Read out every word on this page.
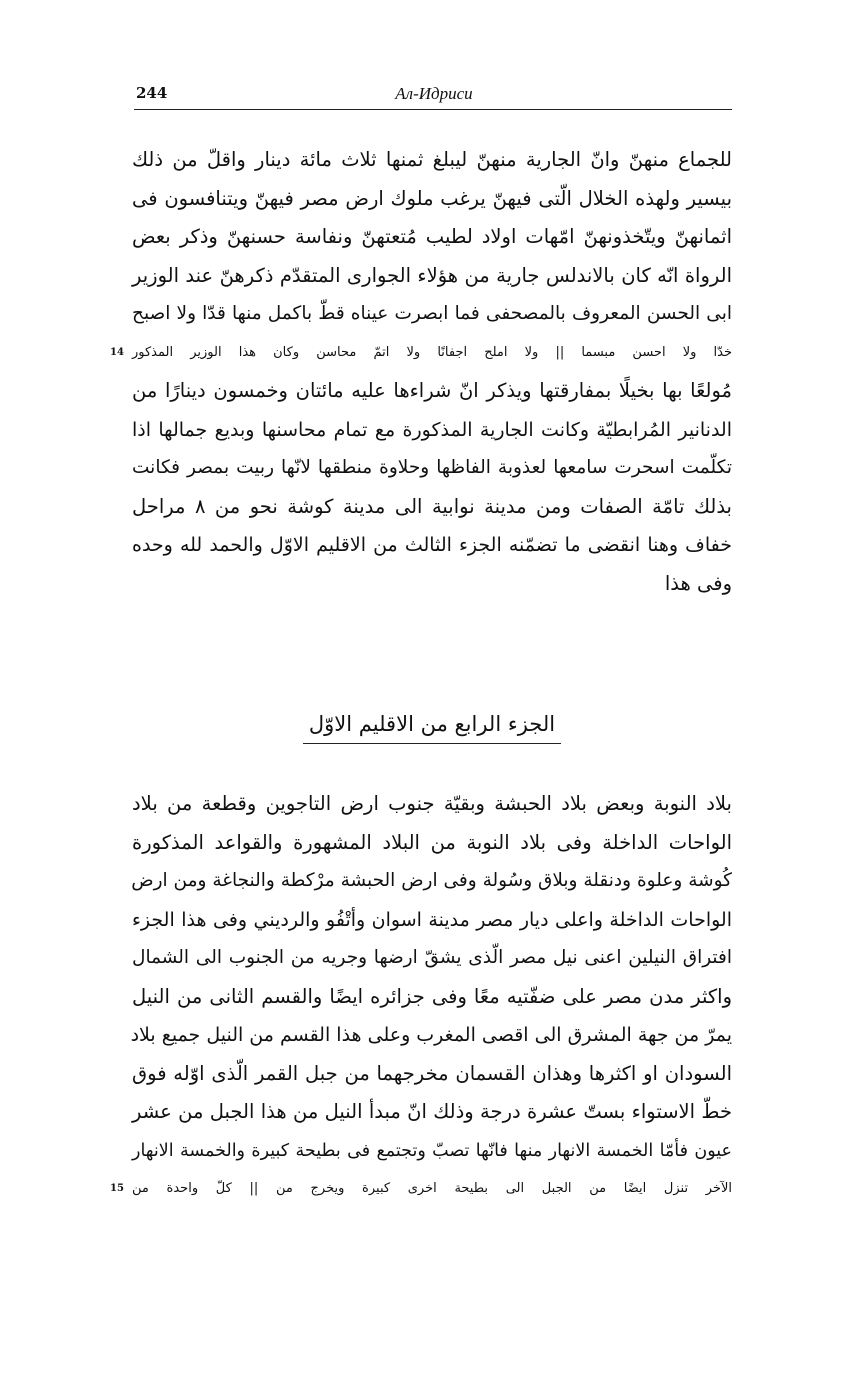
244	Ал-Идриси
للجماع منهنّ وانّ الجارية منهنّ ليبلغ ثمنها ثلاث مائة دينار واقلّ من ذلك
بيسير ولهذه الخلال الّتى فيهنّ يرغب ملوك ارض مصر فيهنّ ويتنافسون فى
اثمانهنّ ويتّخذونهنّ امّهات اولاد لطيب مُتعتهنّ ونفاسة حسنهنّ وذكر بعض
الرواة انّه كان بالاندلس جارية من هؤلاء الجوارى المتقدّم ذكرهنّ عند الوزير
ابى الحسن المعروف بالمصحفى فما ابصرت عيناه قطّ باكمل منها قدّا ولا اصبح
خدّا ولا احسن مبسما || ولا املح اجفانًا ولا اتمّ محاسن وكان هذا الوزير المذكور
14
مُولعًا بها بخيلًا بمفارقتها ويذكر انّ شراءها عليه مائتان وخمسون دينارًا من
الدنانير المُرابطيّة وكانت الجارية المذكورة مع تمام محاسنها وبديع جمالها اذا
تكلّمت اسحرت سامعها لعذوبة الفاظها وحلاوة منطقها لانّها ربيت بمصر فكانت
بذلك تامّة الصفات ومن مدينة نوابية الى مدينة كوشة نحو من ٨ مراحل
خفاف وهنا انقضى ما تضمّنه الجزء الثالث من الاقليم الاوّل والحمد لله وحده
وفى هذا
الجزء الرابع من الاقليم الاوّل
بلاد النوبة وبعض بلاد الحبشة وبقيّة جنوب ارض التاجوين وقطعة من بلاد
الواحات الداخلة وفى بلاد النوبة من البلاد المشهورة والقواعد المذكورة
كُوشة وعلوة ودنقلة وبلاق وسُولة وفى ارض الحبشة مرْكطة والنجاغة ومن ارض
الواحات الداخلة واعلى ديار مصر مدينة اسوان وأتْفُو والرديني وفى هذا الجزء
افتراق النيلين اعنى نيل مصر الّذى يشقّ ارضها وجريه من الجنوب الى الشمال
واكثر مدن مصر على ضفّتيه معًا وفى جزائره ايضًا والقسم الثانى من النيل
يمرّ من جهة المشرق الى اقصى المغرب وعلى هذا القسم من النيل جميع بلاد
السودان او اكثرها وهذان القسمان مخرجهما من جبل القمر الّذى اوّله فوق
خطّ الاستواء بستّ عشرة درجة وذلك انّ مبدأ النيل من هذا الجبل من عشر
عيون فأمّا الخمسة الانهار منها فانّها تصبّ وتجتمع فى بطيحة كبيرة والخمسة الانهار
الآخر تنزل ايضًا من الجبل الى بطيحة اخرى كبيرة ويخرج من || كلّ واحدة من
15
